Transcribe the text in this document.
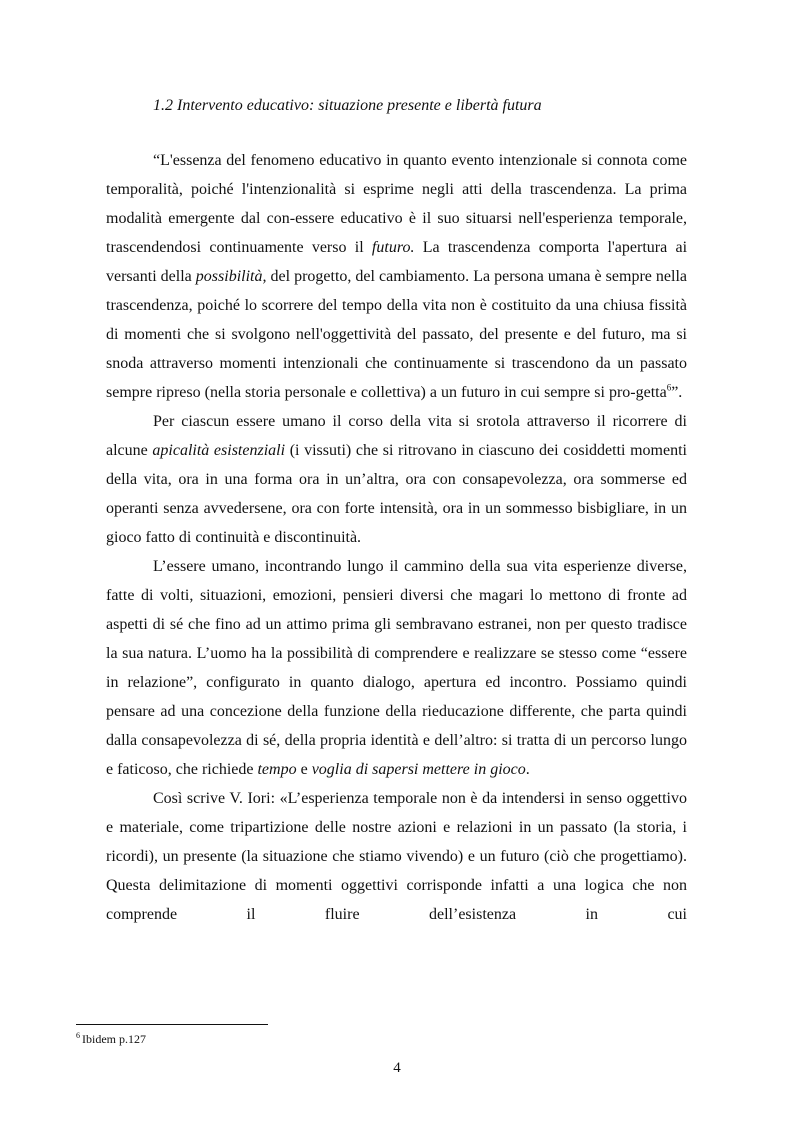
1.2 Intervento educativo: situazione presente e libertà futura

“L'essenza del fenomeno educativo in quanto evento intenzionale si connota come temporalità, poiché l'intenzionalità si esprime negli atti della trascendenza. La prima modalità emergente dal con-essere educativo è il suo situarsi nell'esperienza temporale, trascendendosi continuamente verso il futuro. La trascendenza comporta l'apertura ai versanti della possibilità, del progetto, del cambiamento. La persona umana è sempre nella trascendenza, poiché lo scorrere del tempo della vita non è costituito da una chiusa fissità di momenti che si svolgono nell'oggettività del passato, del presente e del futuro, ma si snoda attraverso momenti intenzionali che continuamente si trascendono da un passato sempre ripreso (nella storia personale e collettiva) a un futuro in cui sempre si pro-getta$^6$”.

Per ciascun essere umano il corso della vita si srotola attraverso il ricorrere di alcune apicalità esistenziali (i vissuti) che si ritrovano in ciascuno dei cosiddetti momenti della vita, ora in una forma ora in un’altra, ora con consapevolezza, ora sommerse ed operanti senza avvedersene, ora con forte intensità, ora in un sommesso bisbigliare, in un gioco fatto di continuità e discontinuità.

L’essere umano, incontrando lungo il cammino della sua vita esperienze diverse, fatte di volti, situazioni, emozioni, pensieri diversi che magari lo mettono di fronte ad aspetti di sé che fino ad un attimo prima gli sembravano estranei, non per questo tradisce la sua natura. L’uomo ha la possibilità di comprendere e realizzare se stesso come “essere in relazione”, configurato in quanto dialogo, apertura ed incontro. Possiamo quindi pensare ad una concezione della funzione della rieducazione differente, che parta quindi dalla consapevolezza di sé, della propria identità e dell’altro: si tratta di un percorso lungo e faticoso, che richiede tempo e voglia di sapersi mettere in gioco.

Così scrive V. Iori: «L’esperienza temporale non è da intendersi in senso oggettivo e materiale, come tripartizione delle nostre azioni e relazioni in un passato (la storia, i ricordi), un presente (la situazione che stiamo vivendo) e un futuro (ciò che progettiamo). Questa delimitazione di momenti oggettivi corrisponde infatti a una logica che non comprende il fluire dell’esistenza in cui

$^6$ Ibidem p.127
4
